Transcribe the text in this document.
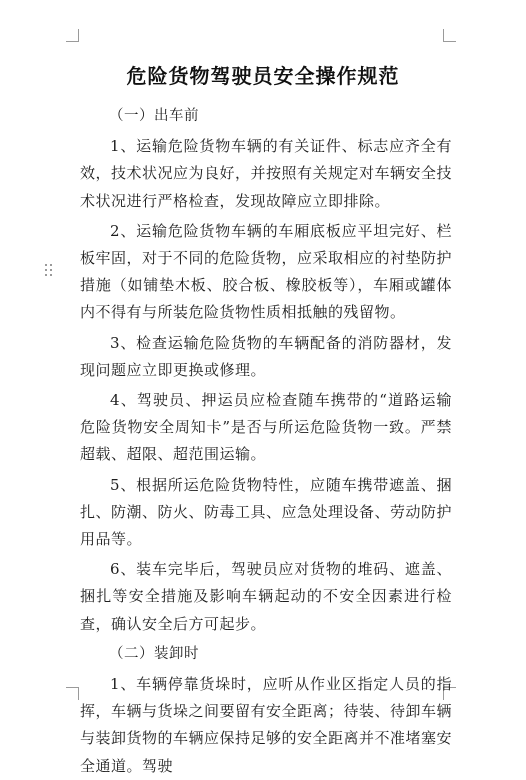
危险货物驾驶员安全操作规范

（一）出车前

1、运输危险货物车辆的有关证件、标志应齐全有效，技术状况应为良好，并按照有关规定对车辆安全技术状况进行严格检查，发现故障应立即排除。

2、运输危险货物车辆的车厢底板应平坦完好、栏板牢固，对于不同的危险货物，应采取相应的衬垫防护措施（如铺垫木板、胶合板、橡胶板等），车厢或罐体内不得有与所装危险货物性质相抵触的残留物。

3、检查运输危险货物的车辆配备的消防器材，发现问题应立即更换或修理。

4、驾驶员、押运员应检查随车携带的“道路运输危险货物安全周知卡”是否与所运危险货物一致。严禁超载、超限、超范围运输。

5、根据所运危险货物特性，应随车携带遮盖、捆扎、防潮、防火、防毒工具、应急处理设备、劳动防护用品等。

6、装车完毕后，驾驶员应对货物的堆码、遮盖、捆扎等安全措施及影响车辆起动的不安全因素进行检查，确认安全后方可起步。

（二）装卸时

1、车辆停靠货垛时，应听从作业区指定人员的指挥，车辆与货垛之间要留有安全距离；待装、待卸车辆与装卸货物的车辆应保持足够的安全距离并不准堵塞安全通道。驾驶
